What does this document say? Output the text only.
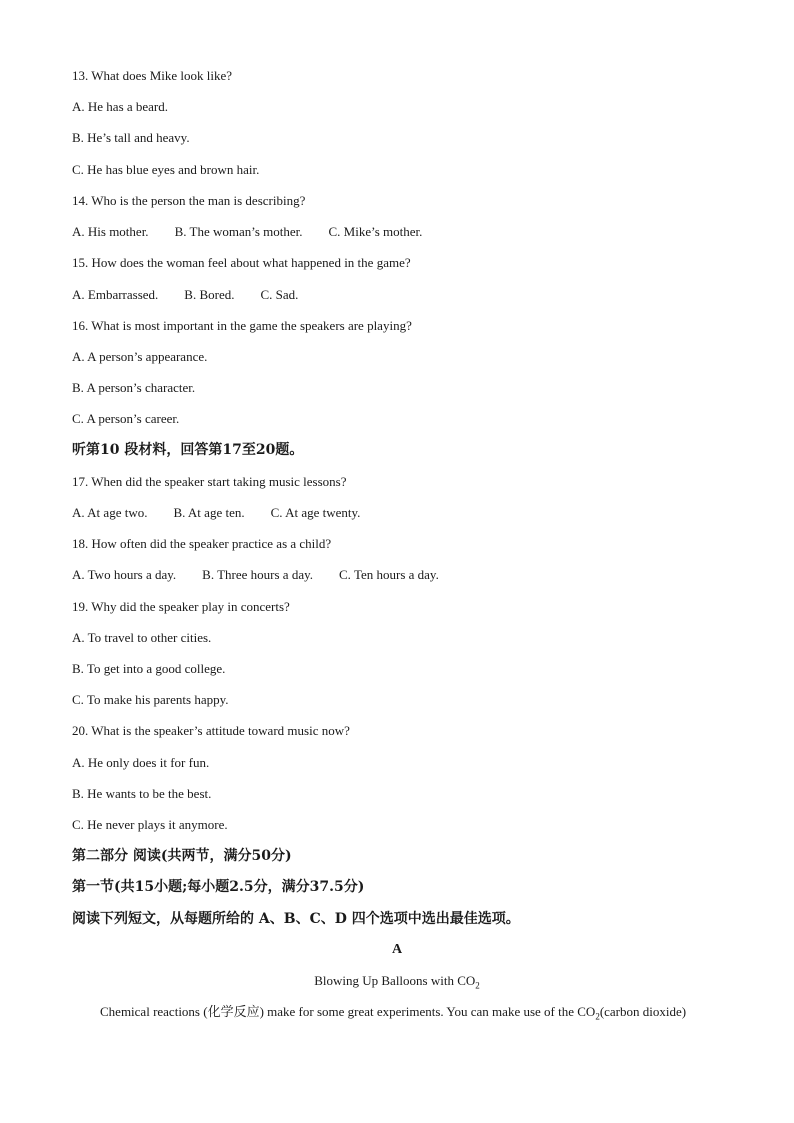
13. What does Mike look like?
A. He has a beard.
B. He’s tall and heavy.
C. He has blue eyes and brown hair.
14. Who is the person the man is describing?
A. His mother. B. The woman’s mother. C. Mike’s mother.
15. How does the woman feel about what happened in the game?
A. Embarrassed. B. Bored. C. Sad.
16. What is most important in the game the speakers are playing?
A. A person’s appearance.
B. A person’s character.
C. A person’s career.
听第10 段材料，回答第17至20题。
17. When did the speaker start taking music lessons?
A. At age two. B. At age ten. C. At age twenty.
18. How often did the speaker practice as a child?
A. Two hours a day. B. Three hours a day. C. Ten hours a day.
19. Why did the speaker play in concerts?
A. To travel to other cities.
B. To get into a good college.
C. To make his parents happy.
20. What is the speaker’s attitude toward music now?
A. He only does it for fun.
B. He wants to be the best.
C. He never plays it anymore.
第二部分 阅读(共两节，满分50分)
第一节(共15小题;每小题2.5分，满分37.5分)
阅读下列短文，从每题所给的 A、B、C、D 四个选项中选出最佳选项。
A
Blowing Up Balloons with $CO_2$
Chemical reactions (化学反应) make for some great experiments. You can make use of the $CO_2(carbon$ dioxide)
